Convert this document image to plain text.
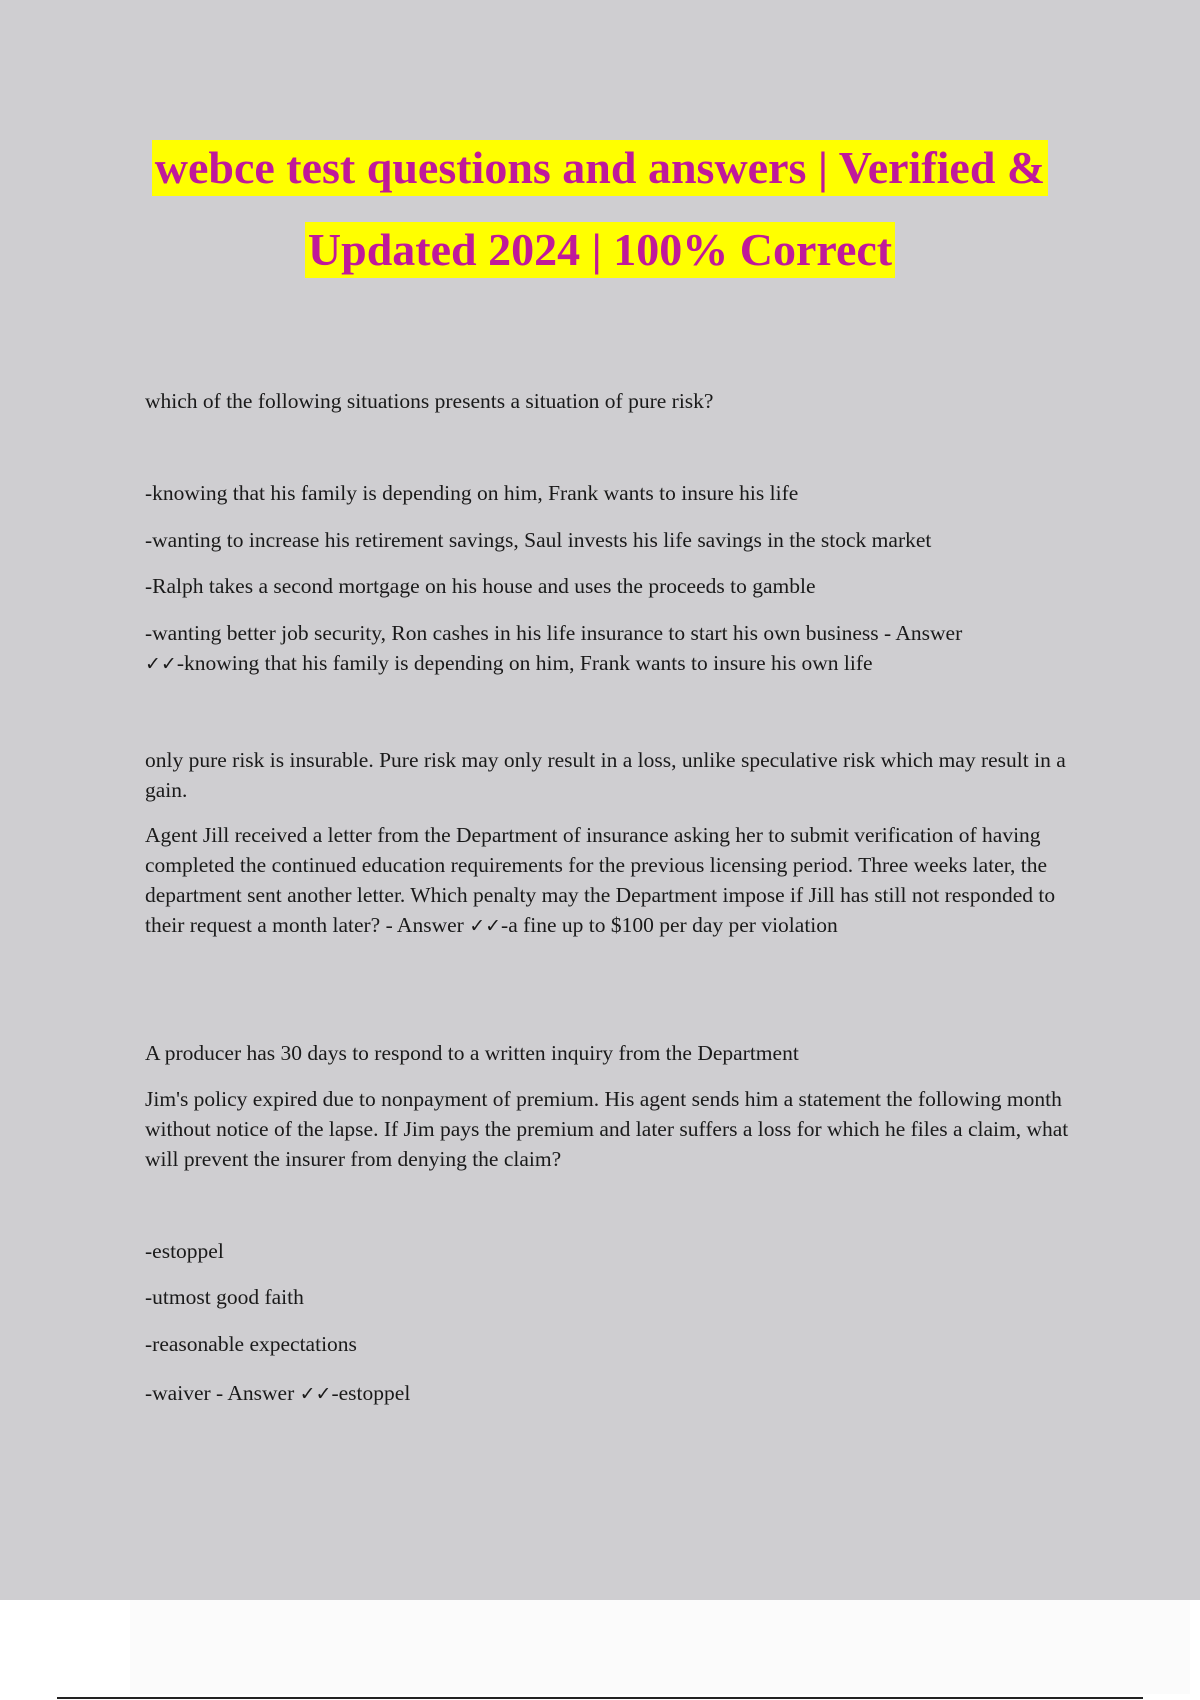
webce test questions and answers | Verified &
Updated 2024 | 100% Correct

which of the following situations presents a situation of pure risk?

-knowing that his family is depending on him, Frank wants to insure his life

-wanting to increase his retirement savings, Saul invests his life savings in the stock market

-Ralph takes a second mortgage on his house and uses the proceeds to gamble

-wanting better job security, Ron cashes in his life insurance to start his own business - Answer
✓✓-knowing that his family is depending on him, Frank wants to insure his own life

only pure risk is insurable. Pure risk may only result in a loss, unlike speculative risk which may result in a gain.

Agent Jill received a letter from the Department of insurance asking her to submit verification of having completed the continued education requirements for the previous licensing period. Three weeks later, the department sent another letter. Which penalty may the Department impose if Jill has still not responded to their request a month later? - Answer ✓✓-a fine up to $100 per day per violation

A producer has 30 days to respond to a written inquiry from the Department

Jim's policy expired due to nonpayment of premium. His agent sends him a statement the following month without notice of the lapse. If Jim pays the premium and later suffers a loss for which he files a claim, what will prevent the insurer from denying the claim?

-estoppel

-utmost good faith

-reasonable expectations

-waiver - Answer ✓✓-estoppel
